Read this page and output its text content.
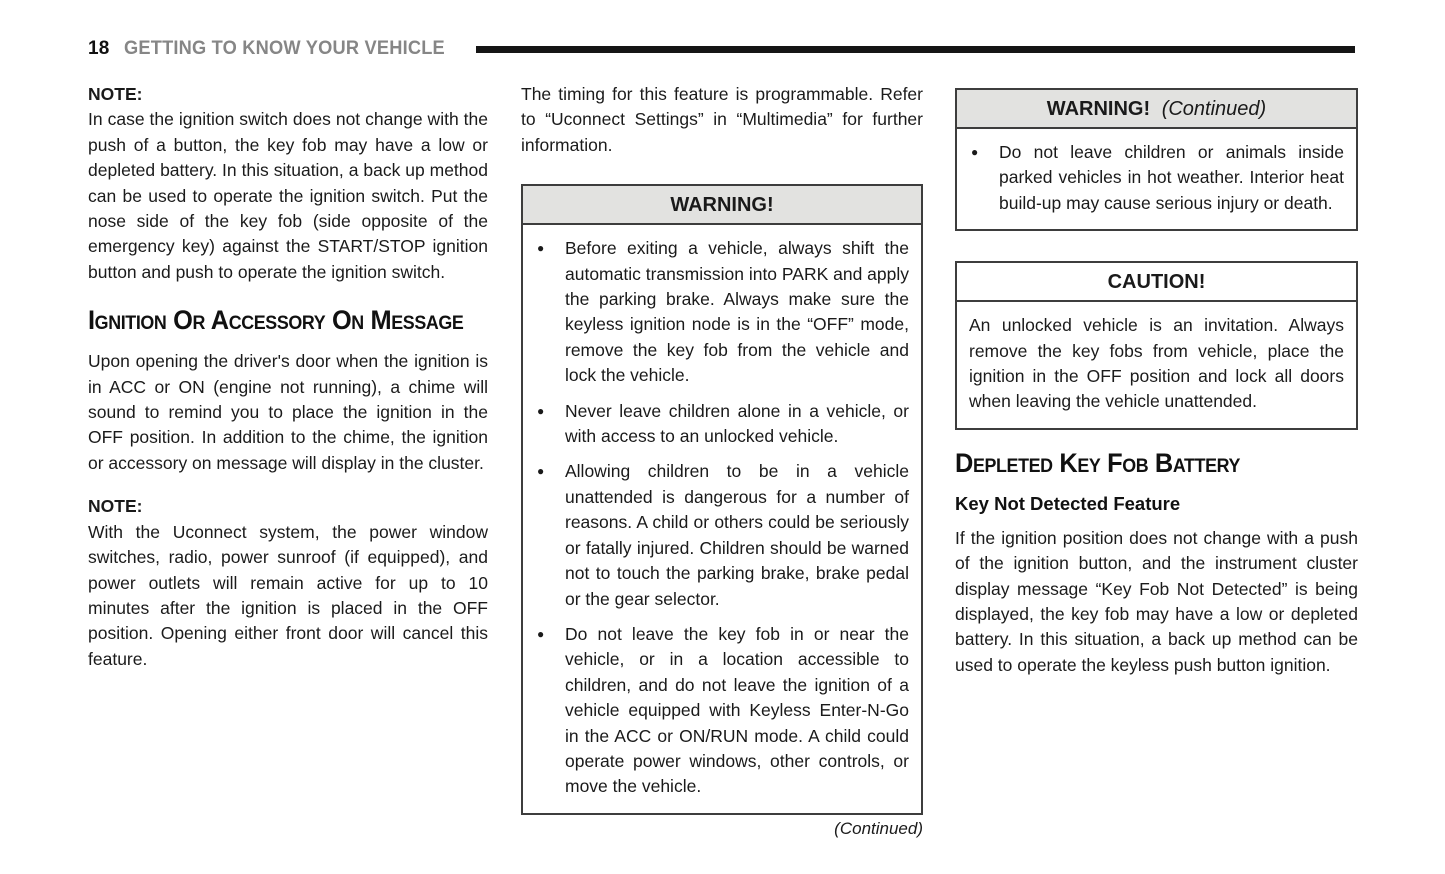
18 GETTING TO KNOW YOUR VEHICLE
NOTE:
In case the ignition switch does not change with the push of a button, the key fob may have a low or depleted battery. In this situation, a back up method can be used to operate the ignition switch. Put the nose side of the key fob (side opposite of the emergency key) against the START/STOP ignition button and push to operate the ignition switch.
Ignition Or Accessory On Message
Upon opening the driver's door when the ignition is in ACC or ON (engine not running), a chime will sound to remind you to place the ignition in the OFF position. In addition to the chime, the ignition or accessory on message will display in the cluster.
NOTE:
With the Uconnect system, the power window switches, radio, power sunroof (if equipped), and power outlets will remain active for up to 10 minutes after the ignition is placed in the OFF position. Opening either front door will cancel this feature.
The timing for this feature is programmable. Refer to “Uconnect Settings” in “Multimedia” for further information.
WARNING!
● Before exiting a vehicle, always shift the automatic transmission into PARK and apply the parking brake. Always make sure the keyless ignition node is in the “OFF” mode, remove the key fob from the vehicle and lock the vehicle.
● Never leave children alone in a vehicle, or with access to an unlocked vehicle.
● Allowing children to be in a vehicle unattended is dangerous for a number of reasons. A child or others could be seriously or fatally injured. Children should be warned not to touch the parking brake, brake pedal or the gear selector.
● Do not leave the key fob in or near the vehicle, or in a location accessible to children, and do not leave the ignition of a vehicle equipped with Keyless Enter-N-Go in the ACC or ON/RUN mode. A child could operate power windows, other controls, or move the vehicle.
(Continued)
WARNING! (Continued)
● Do not leave children or animals inside parked vehicles in hot weather. Interior heat build-up may cause serious injury or death.
CAUTION!
An unlocked vehicle is an invitation. Always remove the key fobs from vehicle, place the ignition in the OFF position and lock all doors when leaving the vehicle unattended.
Depleted Key Fob Battery
Key Not Detected Feature
If the ignition position does not change with a push of the ignition button, and the instrument cluster display message “Key Fob Not Detected” is being displayed, the key fob may have a low or depleted battery. In this situation, a back up method can be used to operate the keyless push button ignition.
